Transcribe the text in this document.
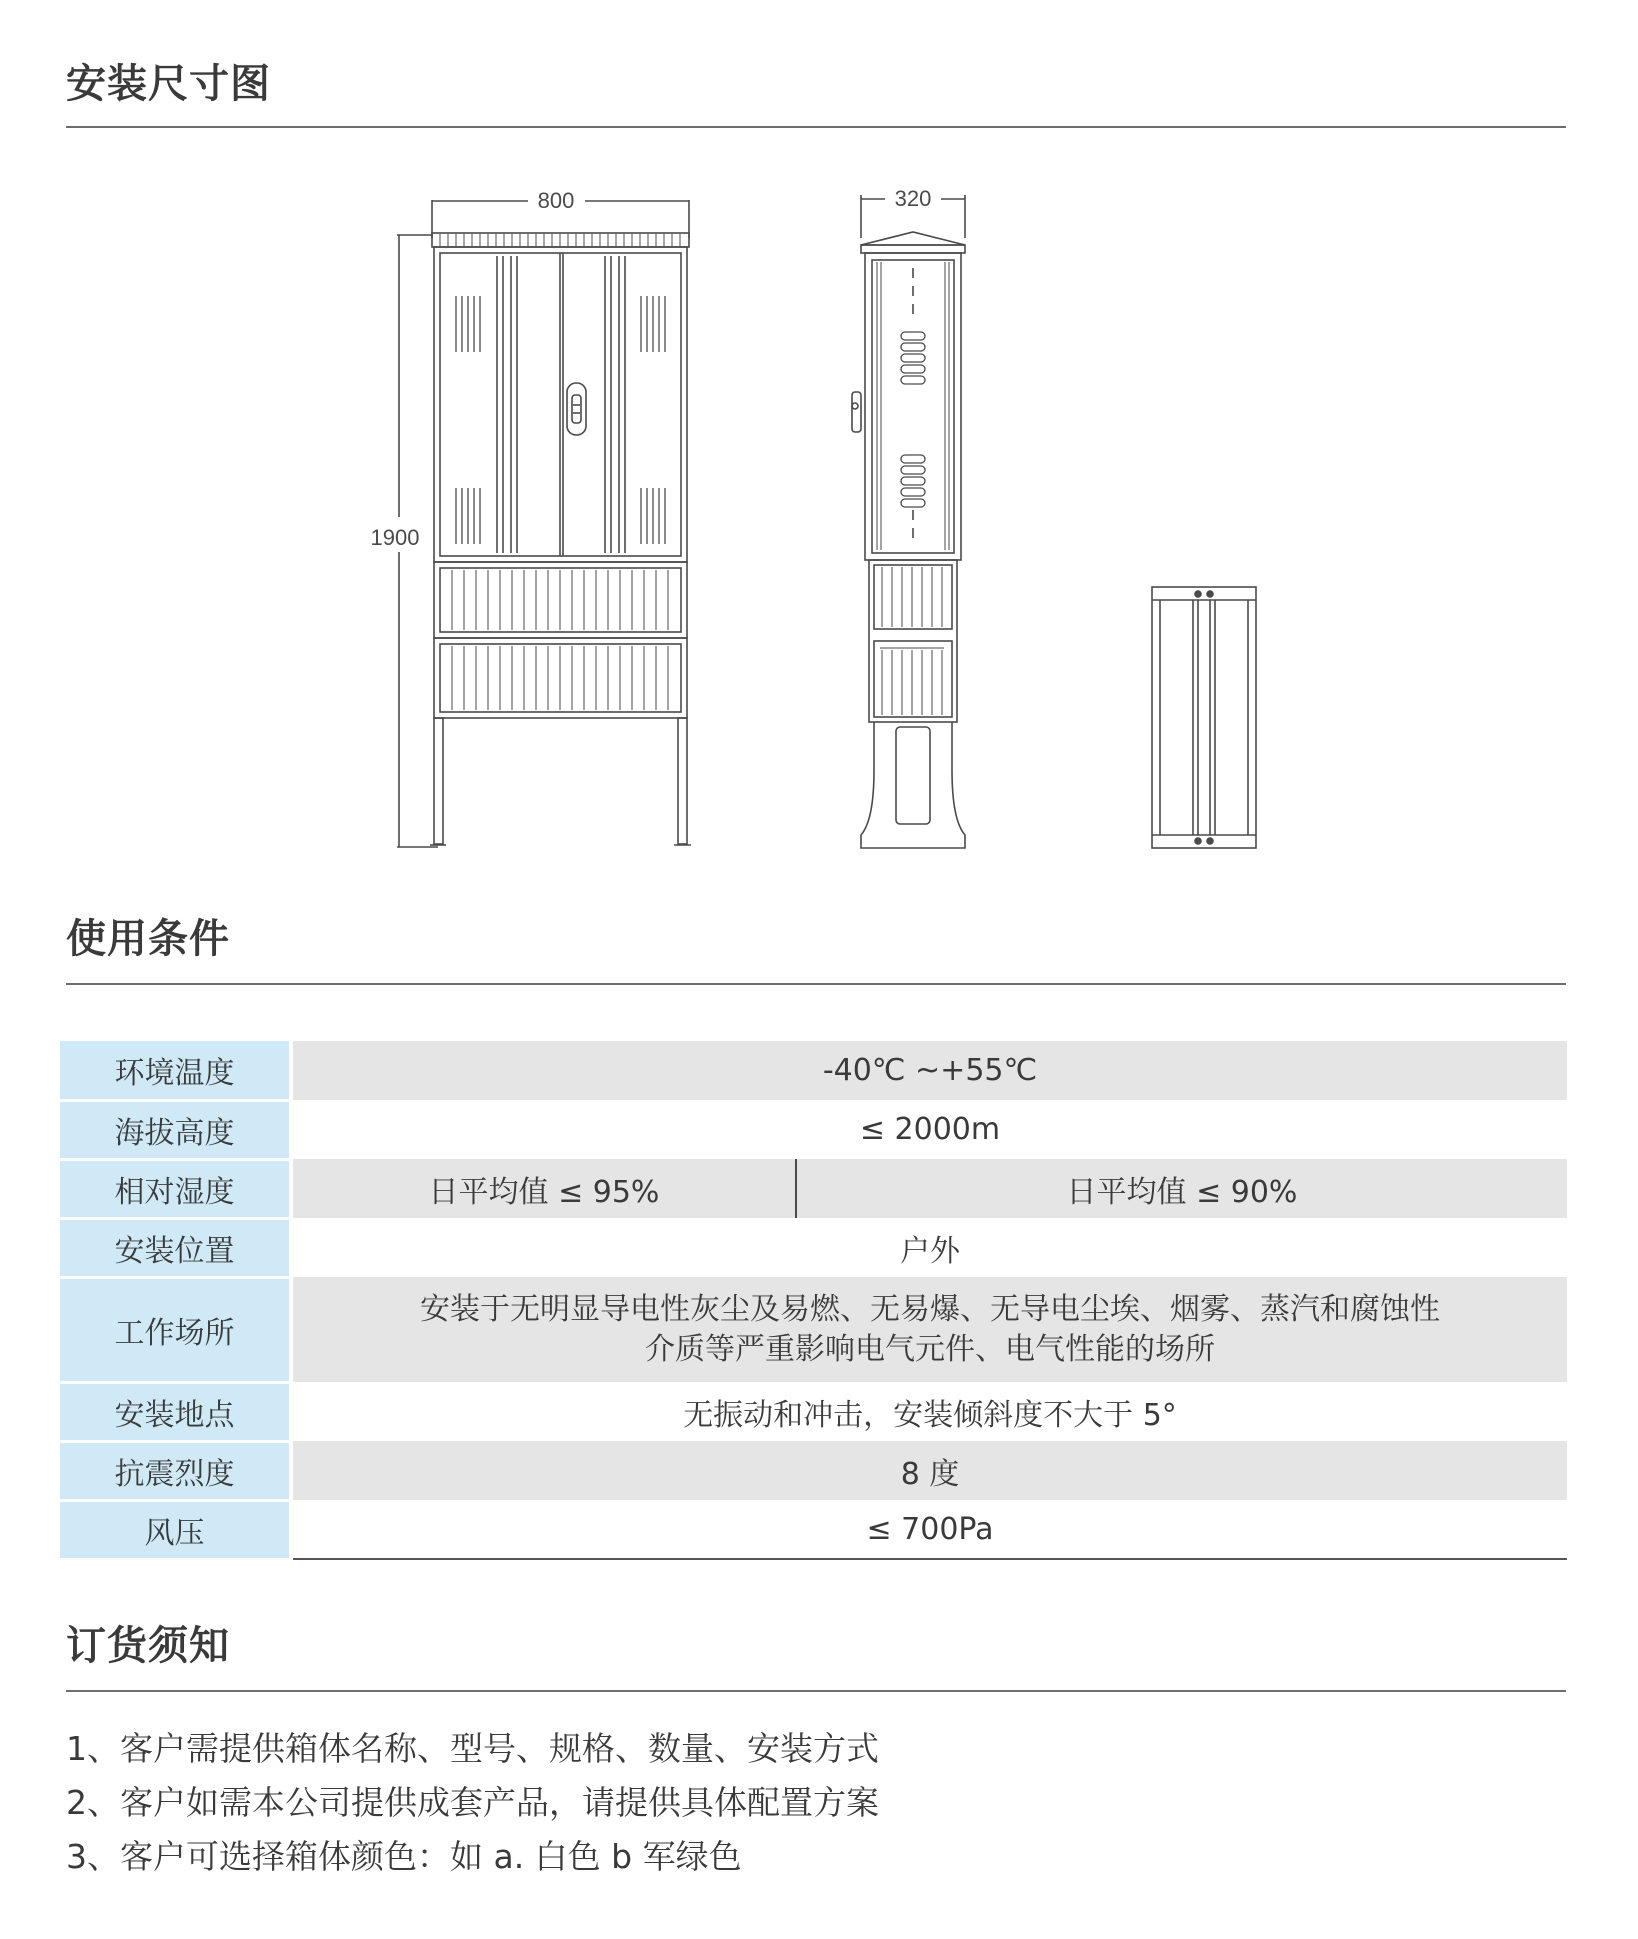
安装尺寸图
800
1900
320
使用条件
环境温度	-40℃ ~+55℃
海拔高度	≤ 2000m
相对湿度	日平均值 ≤ 95% 日平均值 ≤ 90%

安装位置	户外
工作场所	安装于无明显导电性灰尘及易燃、无易爆、无导电尘埃、烟雾、蒸汽和腐蚀性
介质等严重影响电气元件、电气性能的场所

安装地点	无振动和冲击，安装倾斜度不大于 5°
抗震烈度	8 度
风压	≤ 700Pa
订货须知
1、客户需提供箱体名称、型号、规格、数量、安装方式
2、客户如需本公司提供成套产品，请提供具体配置方案
3、客户可选择箱体颜色：如 a. 白色 b 军绿色
